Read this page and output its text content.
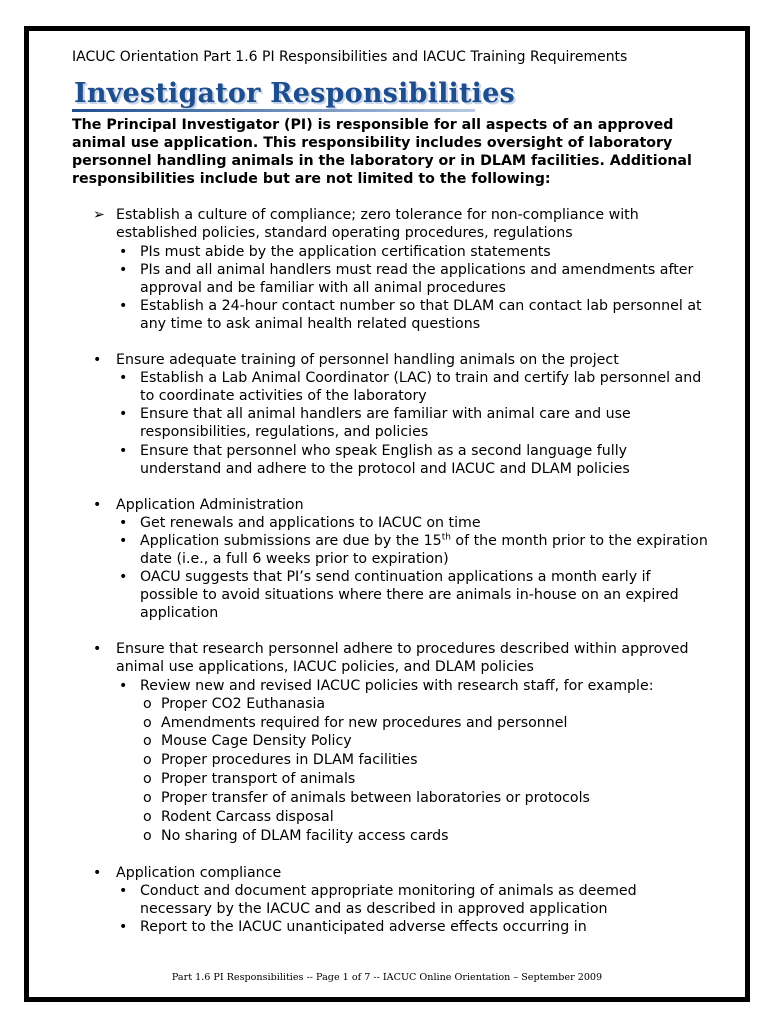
IACUC Orientation Part 1.6 PI Responsibilities and IACUC Training Requirements
Investigator Responsibilities
The Principal Investigator (PI) is responsible for all aspects of an approved animal use application. This responsibility includes oversight of laboratory personnel handling animals in the laboratory or in DLAM facilities. Additional responsibilities include but are not limited to the following:
➢ Establish a culture of compliance; zero tolerance for non-compliance with established policies, standard operating procedures, regulations
• PIs must abide by the application certification statements
• PIs and all animal handlers must read the applications and amendments after approval and be familiar with all animal procedures
• Establish a 24-hour contact number so that DLAM can contact lab personnel at any time to ask animal health related questions
• Ensure adequate training of personnel handling animals on the project
• Establish a Lab Animal Coordinator (LAC) to train and certify lab personnel and to coordinate activities of the laboratory
• Ensure that all animal handlers are familiar with animal care and use responsibilities, regulations, and policies
• Ensure that personnel who speak English as a second language fully understand and adhere to the protocol and IACUC and DLAM policies
• Application Administration
• Get renewals and applications to IACUC on time
• Application submissions are due by the 15th of the month prior to the expiration date (i.e., a full 6 weeks prior to expiration)
• OACU suggests that PI’s send continuation applications a month early if possible to avoid situations where there are animals in-house on an expired application
• Ensure that research personnel adhere to procedures described within approved animal use applications, IACUC policies, and DLAM policies
• Review new and revised IACUC policies with research staff, for example:
o Proper CO2 Euthanasia
o Amendments required for new procedures and personnel
o Mouse Cage Density Policy
o Proper procedures in DLAM facilities
o Proper transport of animals
o Proper transfer of animals between laboratories or protocols
o Rodent Carcass disposal
o No sharing of DLAM facility access cards
• Application compliance
• Conduct and document appropriate monitoring of animals as deemed necessary by the IACUC and as described in approved application
• Report to the IACUC unanticipated adverse effects occurring in
Part 1.6 PI Responsibilities -- Page 1 of 7 -- IACUC Online Orientation – September 2009
